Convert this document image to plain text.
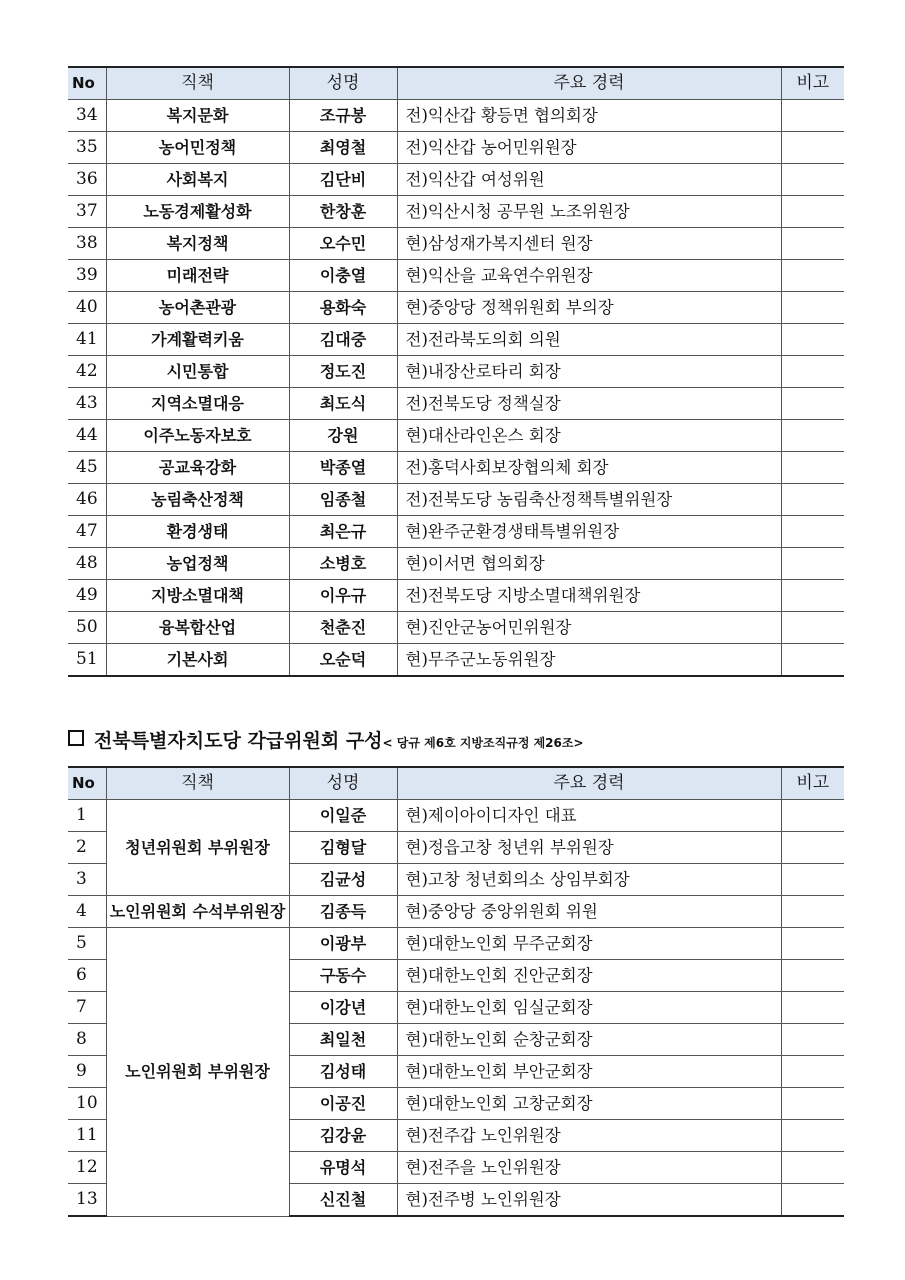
No	직책	성명	주요 경력	비고
34	복지문화	조규봉	전)익산갑 황등면 협의회장	
35	농어민정책	최영철	전)익산갑 농어민위원장	
36	사회복지	김단비	전)익산갑 여성위원	
37	노동경제활성화	한창훈	전)익산시청 공무원 노조위원장	
38	복지정책	오수민	현)삼성재가복지센터 원장	
39	미래전략	이충열	현)익산을 교육연수위원장	
40	농어촌관광	용화숙	현)중앙당 정책위원회 부의장	
41	가계활력키움	김대중	전)전라북도의회 의원	
42	시민통합	정도진	현)내장산로타리 회장	
43	지역소멸대응	최도식	전)전북도당 정책실장	
44	이주노동자보호	강원	현)대산라인온스 회장	
45	공교육강화	박종열	전)홍덕사회보장협의체 회장	
46	농림축산정책	임종철	전)전북도당 농림축산정책특별위원장	
47	환경생태	최은규	현)완주군환경생태특별위원장	
48	농업정책	소병호	현)이서면 협의회장	
49	지방소멸대책	이우규	전)전북도당 지방소멸대책위원장	
50	융복합산업	천춘진	현)진안군농어민위원장	
51	기본사회	오순덕	현)무주군노동위원장	
전북특별자치도당 각급위원회 구성< 당규 제6호 지방조직규정 제26조>
No	직책	성명	주요 경력	비고
1	청년위원회 부위원장	이일준	현)제이아이디자인 대표	
2		김형달	현)정읍고창 청년위 부위원장	
3		김균성	현)고창 청년회의소 상임부회장	
4	노인위원회 수석부위원장	김종득	현)중앙당 중앙위원회 위원	
5	노인위원회 부위원장	이광부	현)대한노인회 무주군회장	
6		구동수	현)대한노인회 진안군회장	
7		이강년	현)대한노인회 임실군회장	
8		최일천	현)대한노인회 순창군회장	
9		김성태	현)대한노인회 부안군회장	
10		이공진	현)대한노인회 고창군회장	
11		김강윤	현)전주갑 노인위원장	
12		유명석	현)전주을 노인위원장	
13		신진철	현)전주병 노인위원장	
